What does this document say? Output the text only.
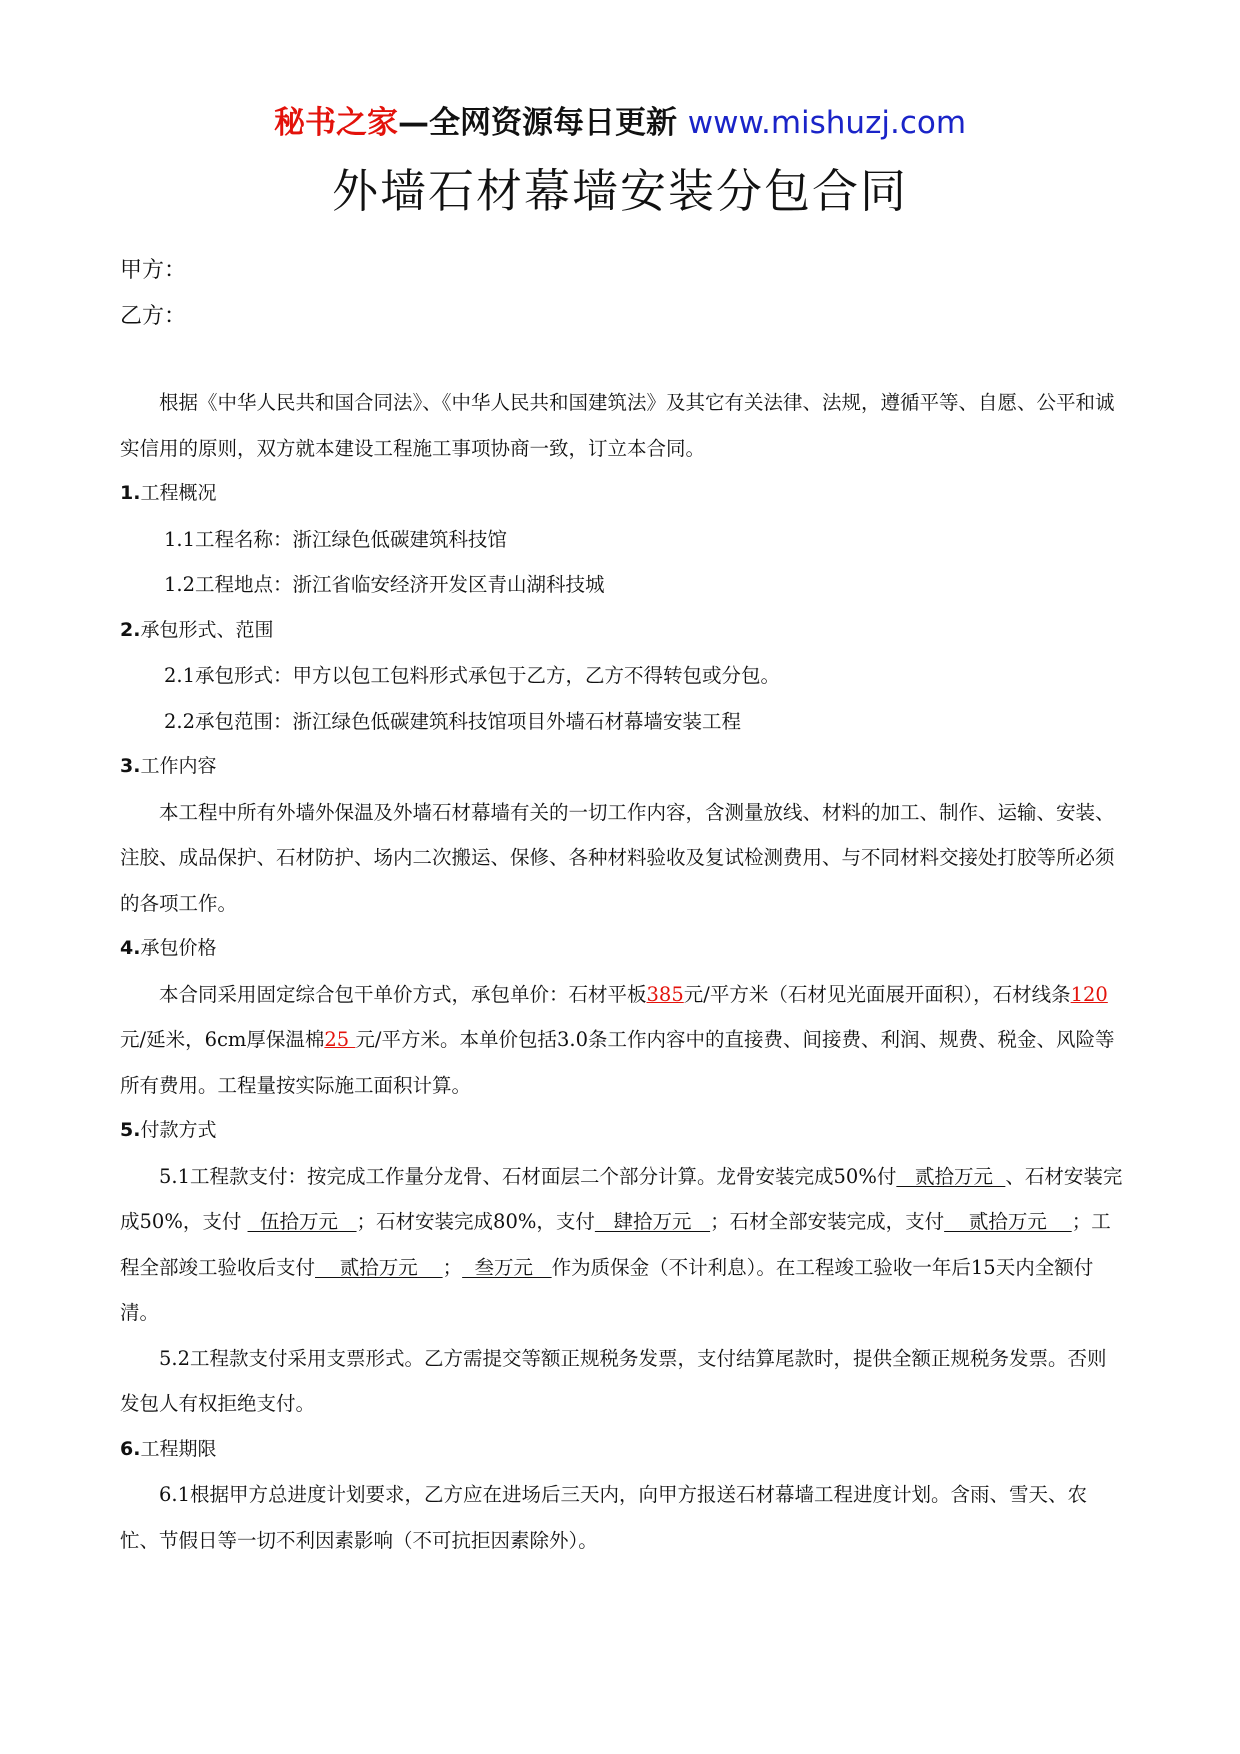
秘书之家—全网资源每日更新 www.mishuzj.com
外墙石材幕墙安装分包合同
甲方：
乙方：

根据《中华人民共和国合同法》、《中华人民共和国建筑法》及其它有关法律、法规，遵循平等、自愿、公平和诚实信用的原则，双方就本建设工程施工事项协商一致，订立本合同。

1.工程概况

1.1工程名称：浙江绿色低碳建筑科技馆

1.2工程地点：浙江省临安经济开发区青山湖科技城

2.承包形式、范围

2.1承包形式：甲方以包工包料形式承包于乙方，乙方不得转包或分包。

2.2承包范围：浙江绿色低碳建筑科技馆项目外墙石材幕墙安装工程

3.工作内容

本工程中所有外墙外保温及外墙石材幕墙有关的一切工作内容，含测量放线、材料的加工、制作、运输、安装、注胶、成品保护、石材防护、场内二次搬运、保修、各种材料验收及复试检测费用、与不同材料交接处打胶等所必须的各项工作。

4.承包价格

本合同采用固定综合包干单价方式，承包单价：石材平板385元/平方米（石材见光面展开面积），石材线条120 元/延米，6cm厚保温棉25 元/平方米。本单价包括3.0条工作内容中的直接费、间接费、利润、规费、税金、风险等所有费用。工程量按实际施工面积计算。

5.付款方式

5.1工程款支付：按完成工作量分龙骨、石材面层二个部分计算。龙骨安装完成50%付   贰拾万元  、石材安装完成50%，支付   伍拾万元   ；石材安装完成80%，支付   肆拾万元   ；石材全部安装完成，支付    贰拾万元    ；工程全部竣工验收后支付    贰拾万元    ；  叁万元   作为质保金（不计利息）。在工程竣工验收一年后15天内全额付清。

5.2工程款支付采用支票形式。乙方需提交等额正规税务发票，支付结算尾款时，提供全额正规税务发票。否则发包人有权拒绝支付。

6.工程期限

6.1根据甲方总进度计划要求，乙方应在进场后三天内，向甲方报送石材幕墙工程进度计划。含雨、雪天、农忙、节假日等一切不利因素影响（不可抗拒因素除外）。
